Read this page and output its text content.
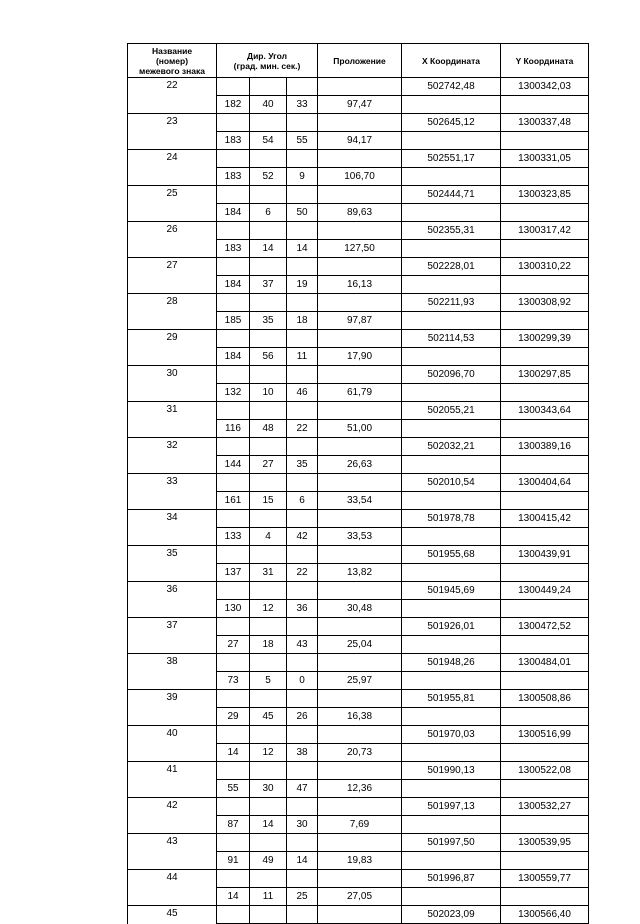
Название
(номер)
межевого знака	Дир. Угол
(град. мин. сек.)			Проложение	X Координата	Y Координата
22					502742,48	1300342,03
	182	40	33	97,47		
23					502645,12	1300337,48
	183	54	55	94,17		
24					502551,17	1300331,05
	183	52	9	106,70		
25					502444,71	1300323,85
	184	6	50	89,63		
26					502355,31	1300317,42
	183	14	14	127,50		
27					502228,01	1300310,22
	184	37	19	16,13		
28					502211,93	1300308,92
	185	35	18	97,87		
29					502114,53	1300299,39
	184	56	11	17,90		
30					502096,70	1300297,85
	132	10	46	61,79		
31					502055,21	1300343,64
	116	48	22	51,00		
32					502032,21	1300389,16
	144	27	35	26,63		
33					502010,54	1300404,64
	161	15	6	33,54		
34					501978,78	1300415,42
	133	4	42	33,53		
35					501955,68	1300439,91
	137	31	22	13,82		
36					501945,69	1300449,24
	130	12	36	30,48		
37					501926,01	1300472,52
	27	18	43	25,04		
38					501948,26	1300484,01
	73	5	0	25,97		
39					501955,81	1300508,86
	29	45	26	16,38		
40					501970,03	1300516,99
	14	12	38	20,73		
41					501990,13	1300522,08
	55	30	47	12,36		
42					501997,13	1300532,27
	87	14	30	7,69		
43					501997,50	1300539,95
	91	49	14	19,83		
44					501996,87	1300559,77
	14	11	25	27,05		
45					502023,09	1300566,40
